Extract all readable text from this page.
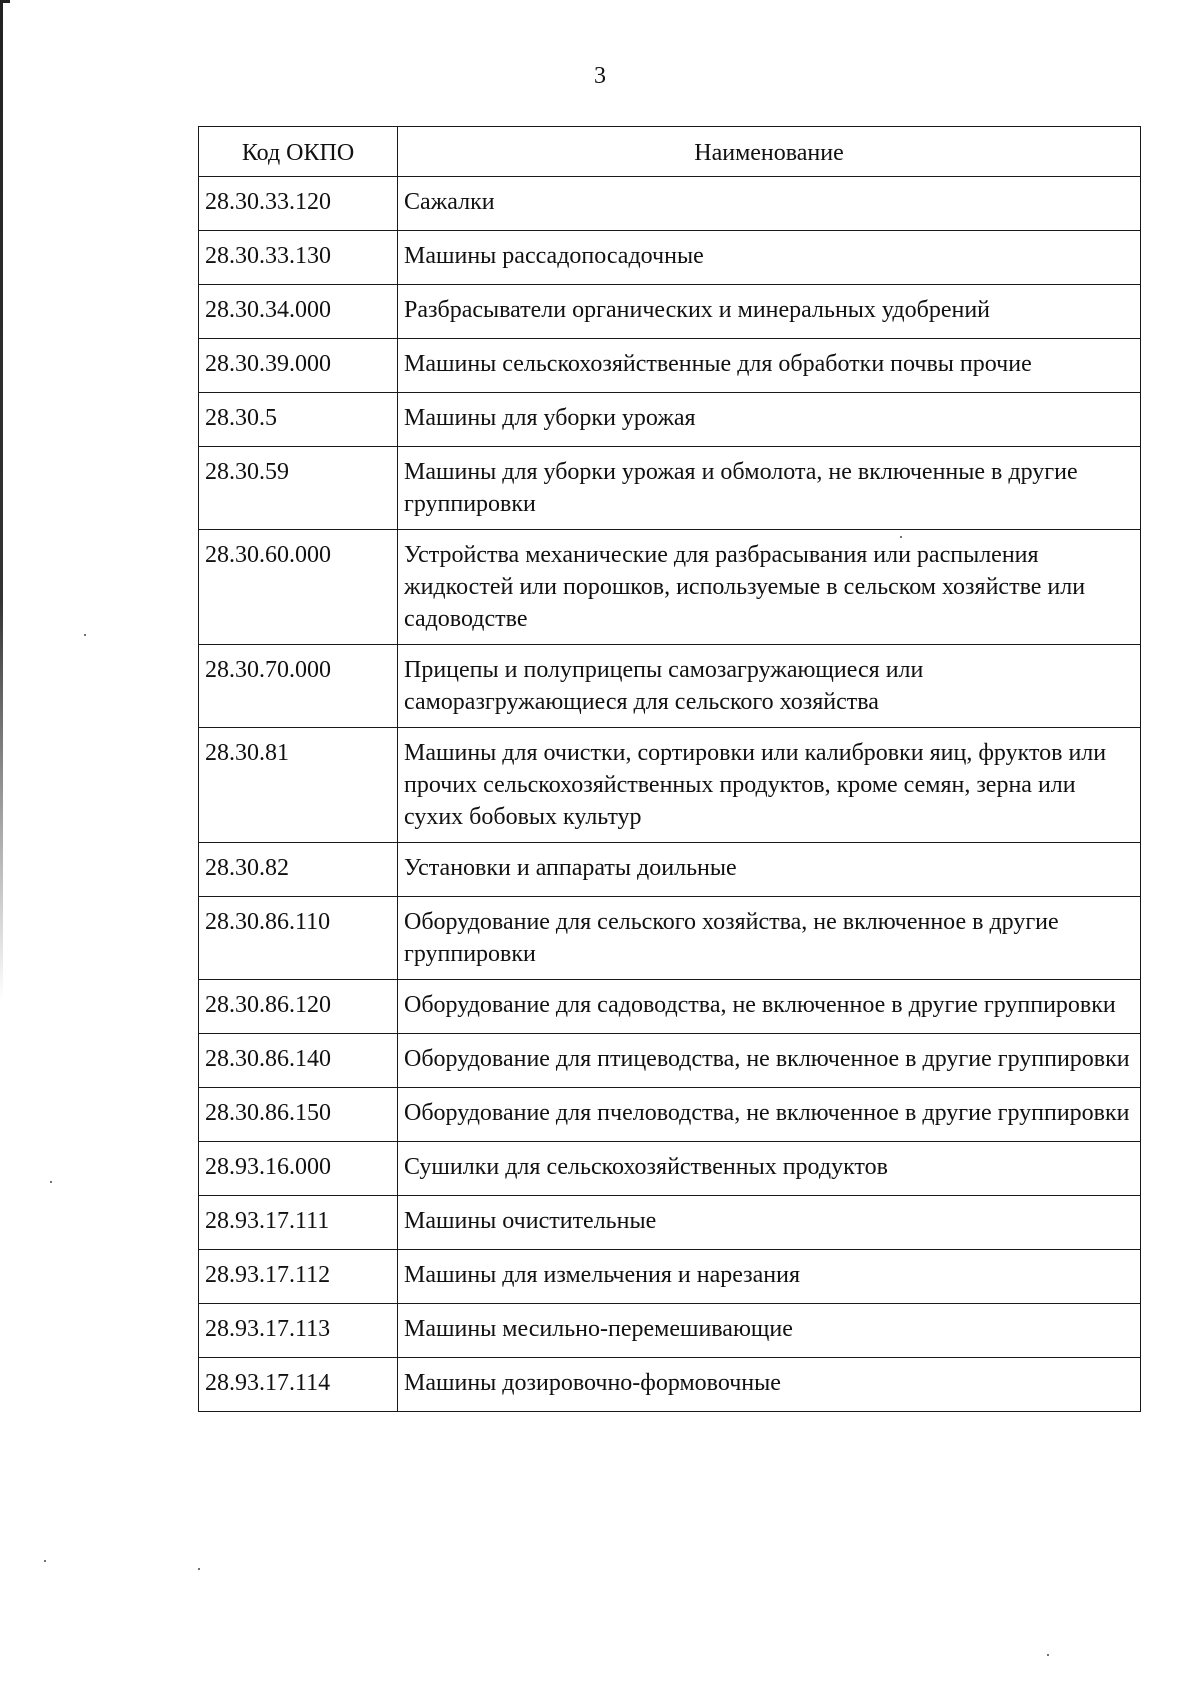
3
Код ОКПО	Наименование
28.30.33.120	Сажалки
28.30.33.130	Машины рассадопосадочные
28.30.34.000	Разбрасыватели органических и минеральных удобрений
28.30.39.000	Машины сельскохозяйственные для обработки почвы прочие
28.30.5	Машины для уборки урожая
28.30.59	Машины для уборки урожая и обмолота, не включенные в другие группировки
28.30.60.000	Устройства механические для разбрасывания или распыления жидкостей или порошков, используемые в сельском хозяйстве или садоводстве
28.30.70.000	Прицепы и полуприцепы самозагружающиеся или саморазгружающиеся для сельского хозяйства
28.30.81	Машины для очистки, сортировки или калибровки яиц, фруктов или прочих сельскохозяйственных продуктов, кроме семян, зерна или сухих бобовых культур
28.30.82	Установки и аппараты доильные
28.30.86.110	Оборудование для сельского хозяйства, не включенное в другие группировки
28.30.86.120	Оборудование для садоводства, не включенное в другие группировки
28.30.86.140	Оборудование для птицеводства, не включенное в другие группировки
28.30.86.150	Оборудование для пчеловодства, не включенное в другие группировки
28.93.16.000	Сушилки для сельскохозяйственных продуктов
28.93.17.111	Машины очистительные
28.93.17.112	Машины для измельчения и нарезания
28.93.17.113	Машины месильно-перемешивающие
28.93.17.114	Машины дозировочно-формовочные
